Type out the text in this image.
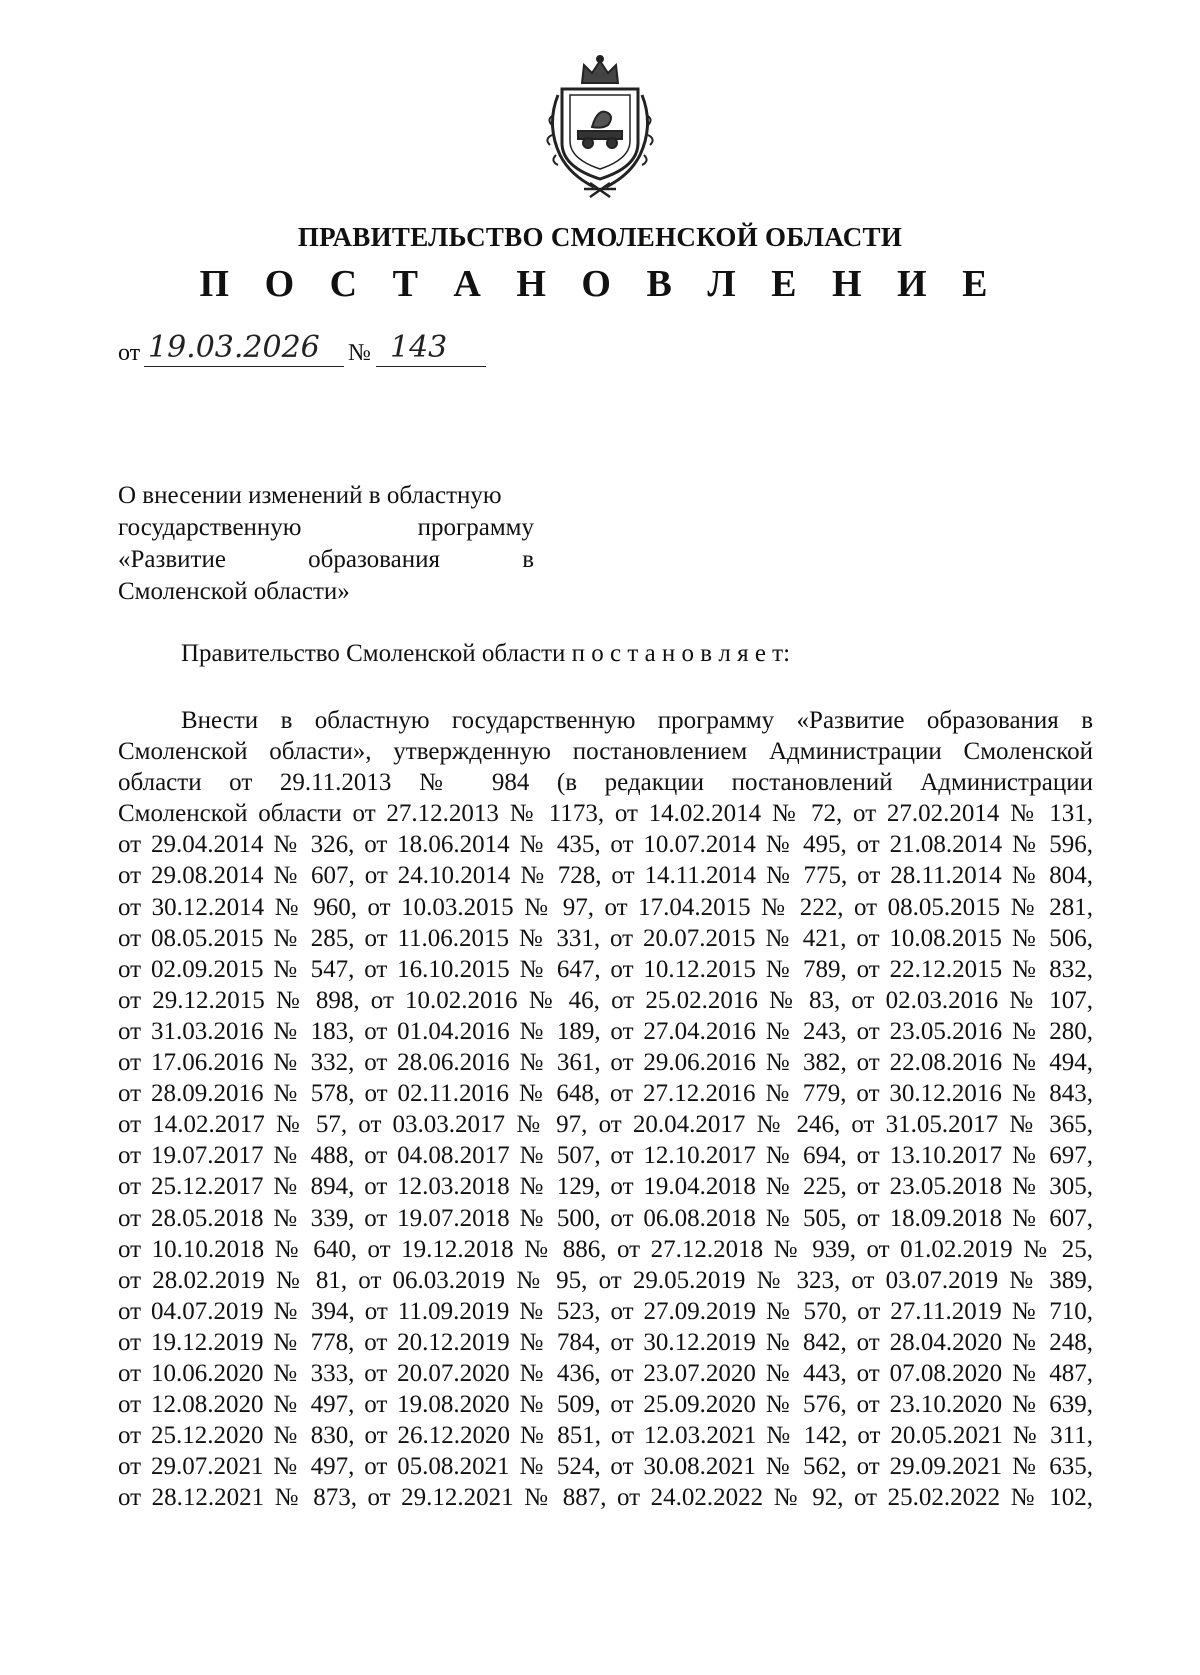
ПРАВИТЕЛЬСТВО СМОЛЕНСКОЙ ОБЛАСТИ
П О С Т А Н О В Л Е Н И Е
от 19.03.2026 № 143
О внесении изменений в областную
государственную	программу
«Развитие	образования	в
Смоленской области»
Правительство Смоленской области п о с т а н о в л я е т:
Внести в областную государственную программу «Развитие образования в
Смоленской области», утвержденную постановлением Администрации Смоленской
области от 29.11.2013 № 984 (в редакции постановлений Администрации
Смоленской области от 27.12.2013 № 1173, от 14.02.2014 № 72, от 27.02.2014 № 131,
от 29.04.2014 № 326, от 18.06.2014 № 435, от 10.07.2014 № 495, от 21.08.2014 № 596,
от 29.08.2014 № 607, от 24.10.2014 № 728, от 14.11.2014 № 775, от 28.11.2014 № 804,
от 30.12.2014 № 960, от 10.03.2015 № 97, от 17.04.2015 № 222, от 08.05.2015 № 281,
от 08.05.2015 № 285, от 11.06.2015 № 331, от 20.07.2015 № 421, от 10.08.2015 № 506,
от 02.09.2015 № 547, от 16.10.2015 № 647, от 10.12.2015 № 789, от 22.12.2015 № 832,
от 29.12.2015 № 898, от 10.02.2016 № 46, от 25.02.2016 № 83, от 02.03.2016 № 107,
от 31.03.2016 № 183, от 01.04.2016 № 189, от 27.04.2016 № 243, от 23.05.2016 № 280,
от 17.06.2016 № 332, от 28.06.2016 № 361, от 29.06.2016 № 382, от 22.08.2016 № 494,
от 28.09.2016 № 578, от 02.11.2016 № 648, от 27.12.2016 № 779, от 30.12.2016 № 843,
от 14.02.2017 № 57, от 03.03.2017 № 97, от 20.04.2017 № 246, от 31.05.2017 № 365,
от 19.07.2017 № 488, от 04.08.2017 № 507, от 12.10.2017 № 694, от 13.10.2017 № 697,
от 25.12.2017 № 894, от 12.03.2018 № 129, от 19.04.2018 № 225, от 23.05.2018 № 305,
от 28.05.2018 № 339, от 19.07.2018 № 500, от 06.08.2018 № 505, от 18.09.2018 № 607,
от 10.10.2018 № 640, от 19.12.2018 № 886, от 27.12.2018 № 939, от 01.02.2019 № 25,
от 28.02.2019 № 81, от 06.03.2019 № 95, от 29.05.2019 № 323, от 03.07.2019 № 389,
от 04.07.2019 № 394, от 11.09.2019 № 523, от 27.09.2019 № 570, от 27.11.2019 № 710,
от 19.12.2019 № 778, от 20.12.2019 № 784, от 30.12.2019 № 842, от 28.04.2020 № 248,
от 10.06.2020 № 333, от 20.07.2020 № 436, от 23.07.2020 № 443, от 07.08.2020 № 487,
от 12.08.2020 № 497, от 19.08.2020 № 509, от 25.09.2020 № 576, от 23.10.2020 № 639,
от 25.12.2020 № 830, от 26.12.2020 № 851, от 12.03.2021 № 142, от 20.05.2021 № 311,
от 29.07.2021 № 497, от 05.08.2021 № 524, от 30.08.2021 № 562, от 29.09.2021 № 635,
от 28.12.2021 № 873, от 29.12.2021 № 887, от 24.02.2022 № 92, от 25.02.2022 № 102,
